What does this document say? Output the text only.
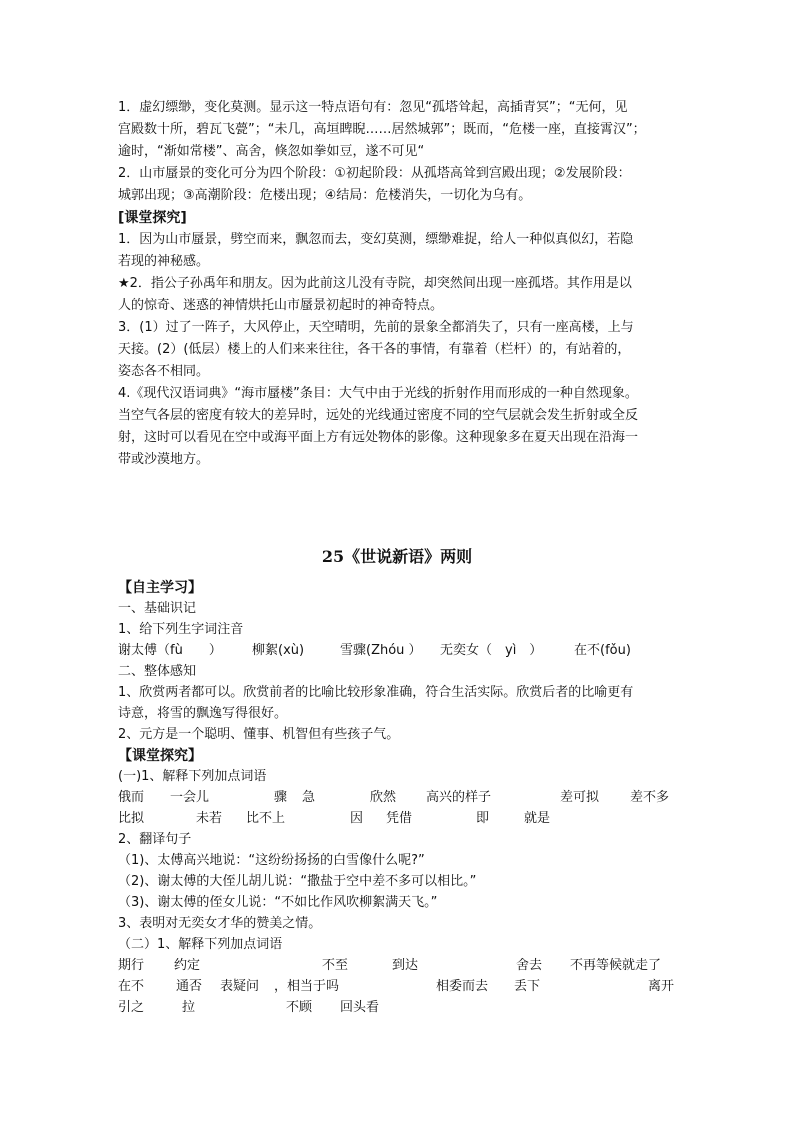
1．虚幻缥缈，变化莫测。显示这一特点语句有：忽见“孤塔耸起，高插青冥”；“无何，见
宫殿数十所，碧瓦飞甍”；“未几，高垣睥睨……居然城郭”；既而，“危楼一座，直接霄汉”；
逾时，“渐如常楼”、高舍，倏忽如拳如豆，遂不可见“
2．山市蜃景的变化可分为四个阶段：①初起阶段：从孤塔高耸到宫殿出现；②发展阶段：
城郭出现；③高潮阶段：危楼出现；④结局：危楼消失，一切化为乌有。
[课堂探究]
1．因为山市蜃景，劈空而来，飘忽而去，变幻莫测，缥缈难捉，给人一种似真似幻，若隐
若现的神秘感。
★2．指公子孙禹年和朋友。因为此前这儿没有寺院，却突然间出现一座孤塔。其作用是以
人的惊奇、迷惑的神情烘托山市蜃景初起时的神奇特点。
3．(1）过了一阵子，大风停止，天空晴明，先前的景象全都消失了，只有一座高楼，上与
天接。(2）(低层）楼上的人们来来往往，各干各的事情，有靠着（栏杆）的，有站着的，
姿态各不相同。
4.《现代汉语词典》“海市蜃楼”条目：大气中由于光线的折射作用而形成的一种自然现象。
当空气各层的密度有较大的差异时，远处的光线通过密度不同的空气层就会发生折射或全反
射，这时可以看见在空中或海平面上方有远处物体的影像。这种现象多在夏天出现在沿海一
带或沙漠地方。
25《世说新语》两则
【自主学习】
一、基础识记
1、给下列生字词注音
谢太傅（fù　　） 柳絮(xù)	雪骤(Zhóu ） 无奕女（　yì　） 在不(fǒu)
二、整体感知
1、欣赏两者都可以。欣赏前者的比喻比较形象准确，符合生活实际。欣赏后者的比喻更有
诗意，将雪的飘逸写得很好。
2、元方是一个聪明、懂事、机智但有些孩子气。
【课堂探究】
(一)1、解释下列加点词语
俄而 一会儿	骤 急	欣然 高兴的样子	差可拟 差不多
比拟	未若 比不上	因 凭借	即	就是
2、翻译句子
（1)、太傅高兴地说：“这纷纷扬扬的白雪像什么呢?”
（2)、谢太傅的大侄儿胡儿说：“撒盐于空中差不多可以相比。”
（3)、谢太傅的侄女儿说：“不如比作风吹柳絮满天飞。”
3、表明对无奕女才华的赞美之情。
（二）1、解释下列加点词语
期行 约定	不至	到达	舍去 不再等候就走了
在不 通否 表疑问 ，相当于吗	相委而去 丢下	离开
引之	拉	不顾 回头看
